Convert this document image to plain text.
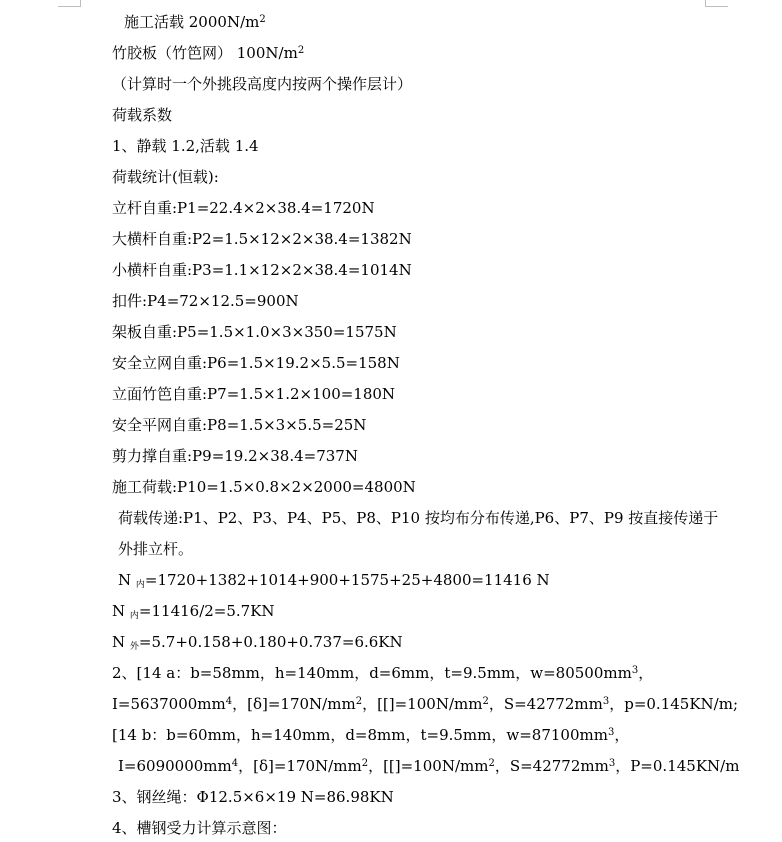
施工活载 $2000N/m^2$
竹胶板（竹笆网） $100N/m^2$
（计算时一个外挑段高度内按两个操作层计）
荷载系数
1、静载 1.2,活载 1.4
荷载统计(恒载):
立杆自重:P1=22.4×2×38.4=1720N
大横杆自重:P2=1.5×12×2×38.4=1382N
小横杆自重:P3=1.1×12×2×38.4=1014N
扣件:P4=72×12.5=900N
架板自重:P5=1.5×1.0×3×350=1575N
安全立网自重:P6=1.5×19.2×5.5=158N
立面竹笆自重:P7=1.5×1.2×100=180N
安全平网自重:P8=1.5×3×5.5=25N
剪力撑自重:P9=19.2×38.4=737N
施工荷载:P10=1.5×0.8×2×2000=4800N
荷载传递:P1、P2、P3、P4、P5、P8、P10 按均布分布传递,P6、P7、P9 按直接传递于
外排立杆。
N $_内$=1720+1382+1014+900+1575+25+4800=11416 N
N $_内$=11416/2=5.7KN
N $_外$=5.7+0.158+0.180+0.737=6.6KN
2、[14 a：b=58mm，h=140mm，d=6mm，t=9.5mm，$w=80500mm^3$，
$I=5637000mm^4$，$[\delta]=170N/mm^2$，[$[]=100N/mm^2$，$S=42772mm^3$，p=0.145KN/m;
[14 b：b=60mm，h=140mm，d=8mm，t=9.5mm，$w=87100mm^3$，
$I=6090000mm^4$，$[\delta]=170N/mm^2$，[$[]=100N/mm^2$，$S=42772mm^3$，P=0.145KN/m
3、钢丝绳：Φ12.5×6×19 N=86.98KN
4、槽钢受力计算示意图：
